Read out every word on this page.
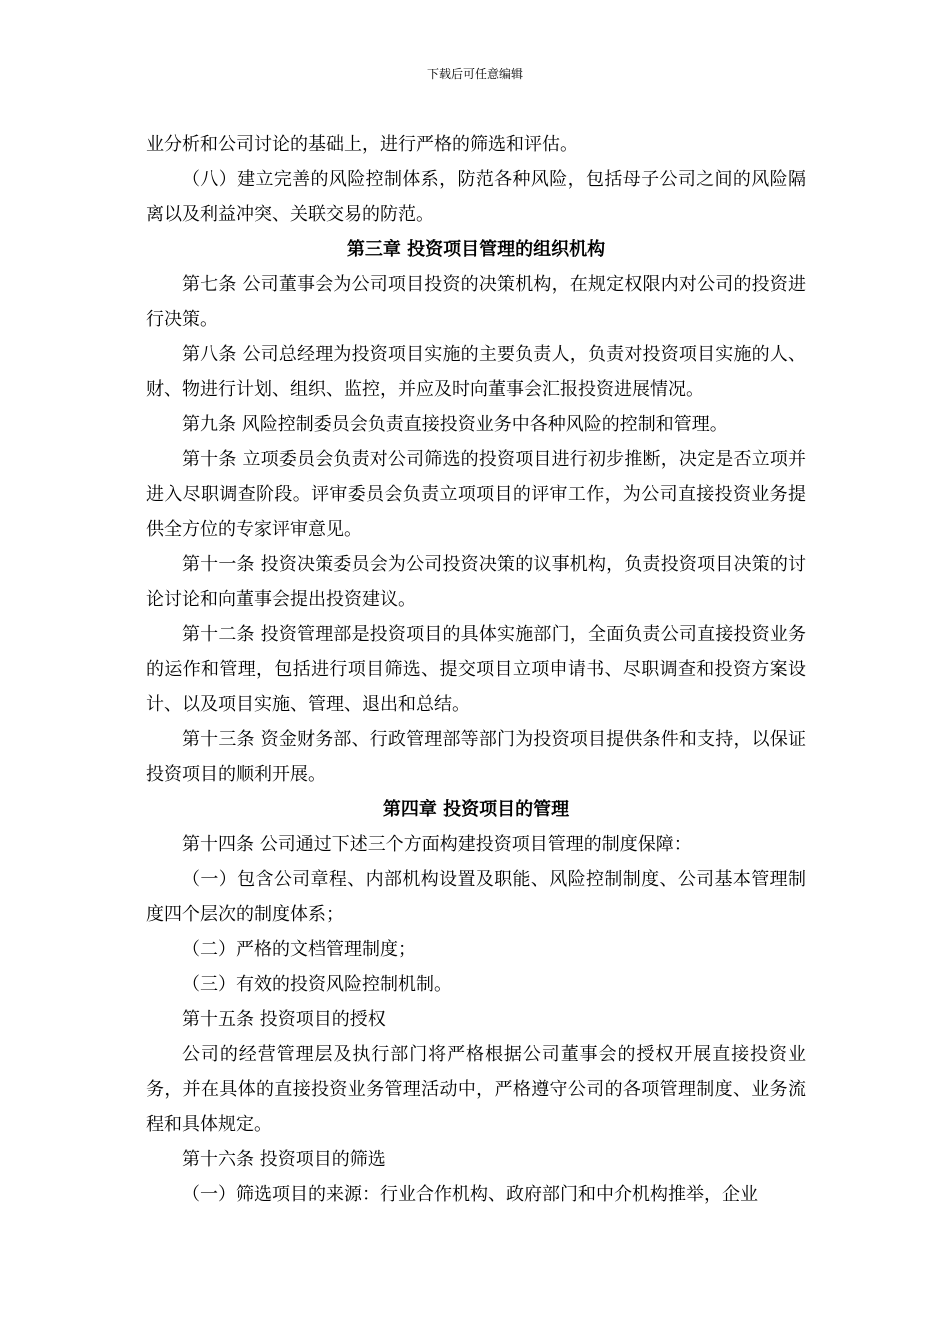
下载后可任意编辑

业分析和公司讨论的基础上，进行严格的筛选和评估。

（八）建立完善的风险控制体系，防范各种风险，包括母子公司之间的风险隔离以及利益冲突、关联交易的防范。

第三章 投资项目管理的组织机构

第七条 公司董事会为公司项目投资的决策机构，在规定权限内对公司的投资进行决策。

第八条 公司总经理为投资项目实施的主要负责人，负责对投资项目实施的人、财、物进行计划、组织、监控，并应及时向董事会汇报投资进展情况。

第九条 风险控制委员会负责直接投资业务中各种风险的控制和管理。

第十条 立项委员会负责对公司筛选的投资项目进行初步推断，决定是否立项并进入尽职调查阶段。评审委员会负责立项项目的评审工作，为公司直接投资业务提供全方位的专家评审意见。

第十一条 投资决策委员会为公司投资决策的议事机构，负责投资项目决策的讨论讨论和向董事会提出投资建议。

第十二条 投资管理部是投资项目的具体实施部门，全面负责公司直接投资业务的运作和管理，包括进行项目筛选、提交项目立项申请书、尽职调查和投资方案设计、以及项目实施、管理、退出和总结。

第十三条 资金财务部、行政管理部等部门为投资项目提供条件和支持，以保证投资项目的顺利开展。

第四章 投资项目的管理

第十四条 公司通过下述三个方面构建投资项目管理的制度保障：

（一）包含公司章程、内部机构设置及职能、风险控制制度、公司基本管理制度四个层次的制度体系；

（二）严格的文档管理制度；

（三）有效的投资风险控制机制。

第十五条 投资项目的授权

公司的经营管理层及执行部门将严格根据公司董事会的授权开展直接投资业务，并在具体的直接投资业务管理活动中，严格遵守公司的各项管理制度、业务流程和具体规定。

第十六条 投资项目的筛选

（一）筛选项目的来源：行业合作机构、政府部门和中介机构推举，企业
